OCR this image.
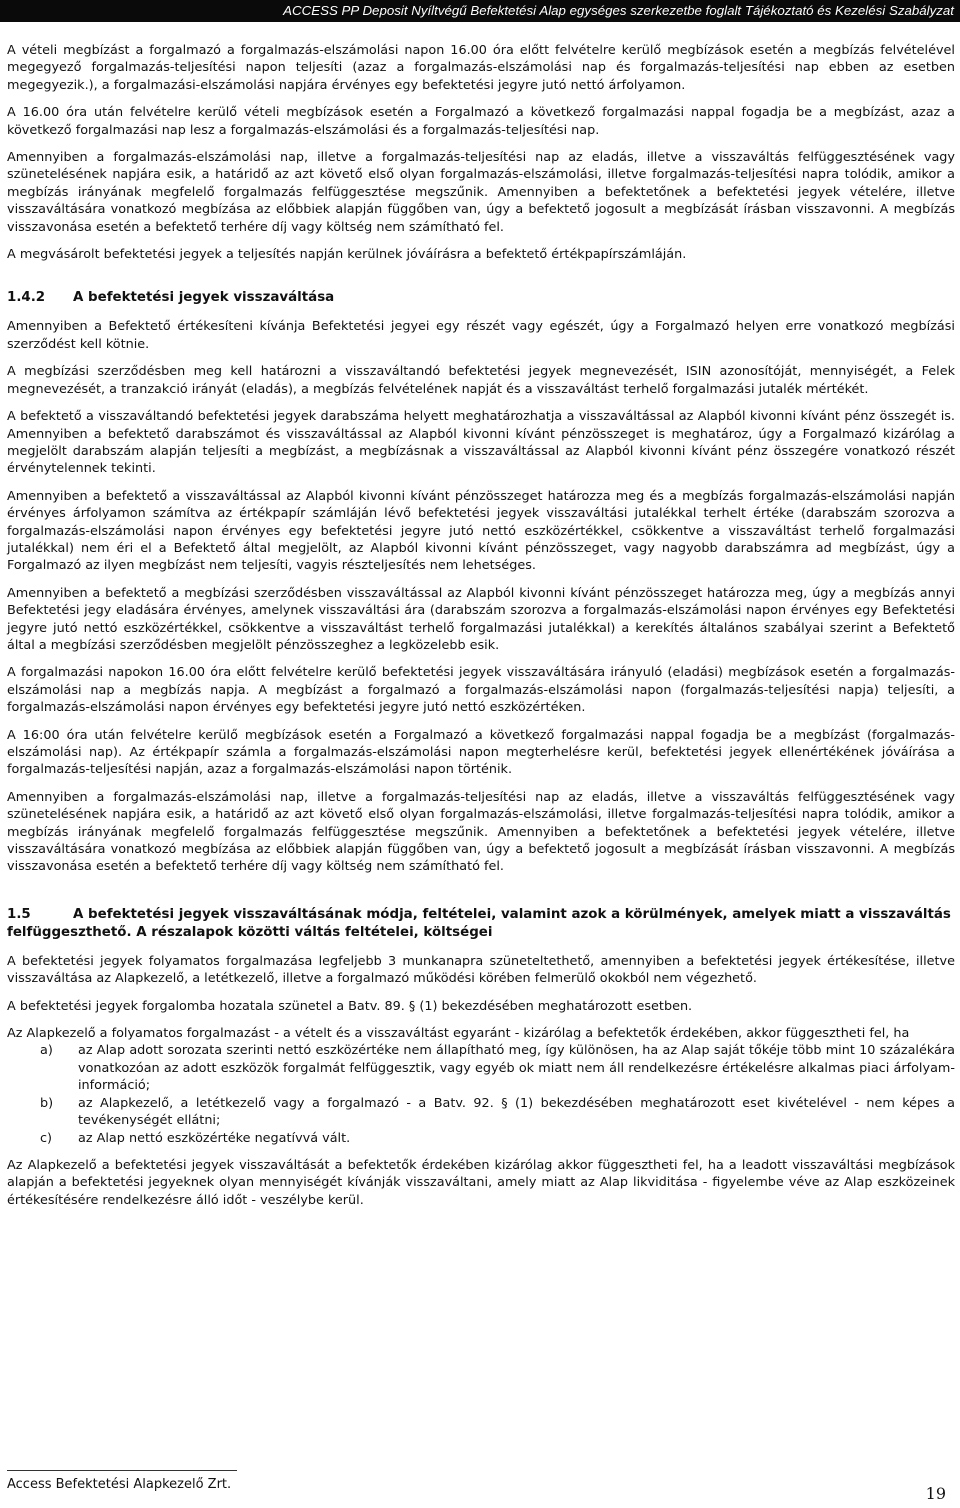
ACCESS PP Deposit Nyíltvégű Befektetési Alap egységes szerkezetbe foglalt Tájékoztató és Kezelési Szabályzat

A vételi megbízást a forgalmazó a forgalmazás-elszámolási napon 16.00 óra előtt felvételre kerülő megbízások esetén a megbízás felvételével megegyező forgalmazás-teljesítési napon teljesíti (azaz a forgalmazás-elszámolási nap és forgalmazás-teljesítési nap ebben az esetben megegyezik.), a forgalmazási-elszámolási napjára érvényes egy befektetési jegyre jutó nettó árfolyamon.

A 16.00 óra után felvételre kerülő vételi megbízások esetén a Forgalmazó a következő forgalmazási nappal fogadja be a megbízást, azaz a következő forgalmazási nap lesz a forgalmazás-elszámolási és a forgalmazás-teljesítési nap.

Amennyiben a forgalmazás-elszámolási nap, illetve a forgalmazás-teljesítési nap az eladás, illetve a visszaváltás felfüggesztésének vagy szünetelésének napjára esik, a határidő az azt követő első olyan forgalmazás-elszámolási, illetve forgalmazás-teljesítési napra tolódik, amikor a megbízás irányának megfelelő forgalmazás felfüggesztése megszűnik. Amennyiben a befektetőnek a befektetési jegyek vételére, illetve visszaváltására vonatkozó megbízása az előbbiek alapján függőben van, úgy a befektető jogosult a megbízását írásban visszavonni. A megbízás visszavonása esetén a befektető terhére díj vagy költség nem számítható fel.

A megvásárolt befektetési jegyek a teljesítés napján kerülnek jóváírásra a befektető értékpapírszámláján.

1.4.2 A befektetési jegyek visszaváltása

Amennyiben a Befektető értékesíteni kívánja Befektetési jegyei egy részét vagy egészét, úgy a Forgalmazó helyen erre vonatkozó megbízási szerződést kell kötnie.

A megbízási szerződésben meg kell határozni a visszaváltandó befektetési jegyek megnevezését, ISIN azonosítóját, mennyiségét, a Felek megnevezését, a tranzakció irányát (eladás), a megbízás felvételének napját és a visszaváltást terhelő forgalmazási jutalék mértékét.

A befektető a visszaváltandó befektetési jegyek darabszáma helyett meghatározhatja a visszaváltással az Alapból kivonni kívánt pénz összegét is. Amennyiben a befektető darabszámot és visszaváltással az Alapból kivonni kívánt pénzösszeget is meghatároz, úgy a Forgalmazó kizárólag a megjelölt darabszám alapján teljesíti a megbízást, a megbízásnak a visszaváltással az Alapból kivonni kívánt pénz összegére vonatkozó részét érvénytelennek tekinti.

Amennyiben a befektető a visszaváltással az Alapból kivonni kívánt pénzösszeget határozza meg és a megbízás forgalmazás-elszámolási napján érvényes árfolyamon számítva az értékpapír számláján lévő befektetési jegyek visszaváltási jutalékkal terhelt értéke (darabszám szorozva a forgalmazás-elszámolási napon érvényes egy befektetési jegyre jutó nettó eszközértékkel, csökkentve a visszaváltást terhelő forgalmazási jutalékkal) nem éri el a Befektető által megjelölt, az Alapból kivonni kívánt pénzösszeget, vagy nagyobb darabszámra ad megbízást, úgy a Forgalmazó az ilyen megbízást nem teljesíti, vagyis részteljesítés nem lehetséges.

Amennyiben a befektető a megbízási szerződésben visszaváltással az Alapból kivonni kívánt pénzösszeget határozza meg, úgy a megbízás annyi Befektetési jegy eladására érvényes, amelynek visszaváltási ára (darabszám szorozva a forgalmazás-elszámolási napon érvényes egy Befektetési jegyre jutó nettó eszközértékkel, csökkentve a visszaváltást terhelő forgalmazási jutalékkal) a kerekítés általános szabályai szerint a Befektető által a megbízási szerződésben megjelölt pénzösszeghez a legközelebb esik.

A forgalmazási napokon 16.00 óra előtt felvételre kerülő befektetési jegyek visszaváltására irányuló (eladási) megbízások esetén a forgalmazás-elszámolási nap a megbízás napja. A megbízást a forgalmazó a forgalmazás-elszámolási napon (forgalmazás-teljesítési napja) teljesíti, a forgalmazás-elszámolási napon érvényes egy befektetési jegyre jutó nettó eszközértéken.

A 16:00 óra után felvételre kerülő megbízások esetén a Forgalmazó a következő forgalmazási nappal fogadja be a megbízást (forgalmazás-elszámolási nap). Az értékpapír számla a forgalmazás-elszámolási napon megterhelésre kerül, befektetési jegyek ellenértékének jóváírása a forgalmazás-teljesítési napján, azaz a forgalmazás-elszámolási napon történik.

Amennyiben a forgalmazás-elszámolási nap, illetve a forgalmazás-teljesítési nap az eladás, illetve a visszaváltás felfüggesztésének vagy szünetelésének napjára esik, a határidő az azt követő első olyan forgalmazás-elszámolási, illetve forgalmazás-teljesítési napra tolódik, amikor a megbízás irányának megfelelő forgalmazás felfüggesztése megszűnik. Amennyiben a befektetőnek a befektetési jegyek vételére, illetve visszaváltására vonatkozó megbízása az előbbiek alapján függőben van, úgy a befektető jogosult a megbízását írásban visszavonni. A megbízás visszavonása esetén a befektető terhére díj vagy költség nem számítható fel.

1.5	A befektetési jegyek visszaváltásának módja, feltételei, valamint azok a körülmények, amelyek miatt a visszaváltás felfüggeszthető. A részalapok közötti váltás feltételei, költségei

A befektetési jegyek folyamatos forgalmazása legfeljebb 3 munkanapra szüneteltethető, amennyiben a befektetési jegyek értékesítése, illetve visszaváltása az Alapkezelő, a letétkezelő, illetve a forgalmazó működési körében felmerülő okokból nem végezhető.

A befektetési jegyek forgalomba hozatala szünetel a Batv. 89. § (1) bekezdésében meghatározott esetben.

Az Alapkezelő a folyamatos forgalmazást - a vételt és a visszaváltást egyaránt - kizárólag a befektetők érdekében, akkor függesztheti fel, ha

a)	az Alap adott sorozata szerinti nettó eszközértéke nem állapítható meg, így különösen, ha az Alap saját tőkéje több mint 10 százalékára vonatkozóan az adott eszközök forgalmát felfüggesztik, vagy egyéb ok miatt nem áll rendelkezésre értékelésre alkalmas piaci árfolyam-információ;
b)	az Alapkezelő, a letétkezelő vagy a forgalmazó - a Batv. 92. § (1) bekezdésében meghatározott eset kivételével - nem képes a tevékenységét ellátni;
c)	az Alap nettó eszközértéke negatívvá vált.

Az Alapkezelő a befektetési jegyek visszaváltását a befektetők érdekében kizárólag akkor függesztheti fel, ha a leadott visszaváltási megbízások alapján a befektetési jegyeknek olyan mennyiségét kívánják visszaváltani, amely miatt az Alap likviditása - figyelembe véve az Alap eszközeinek értékesítésére rendelkezésre álló időt - veszélybe kerül.

Access Befektetési Alapkezelő Zrt.	19
